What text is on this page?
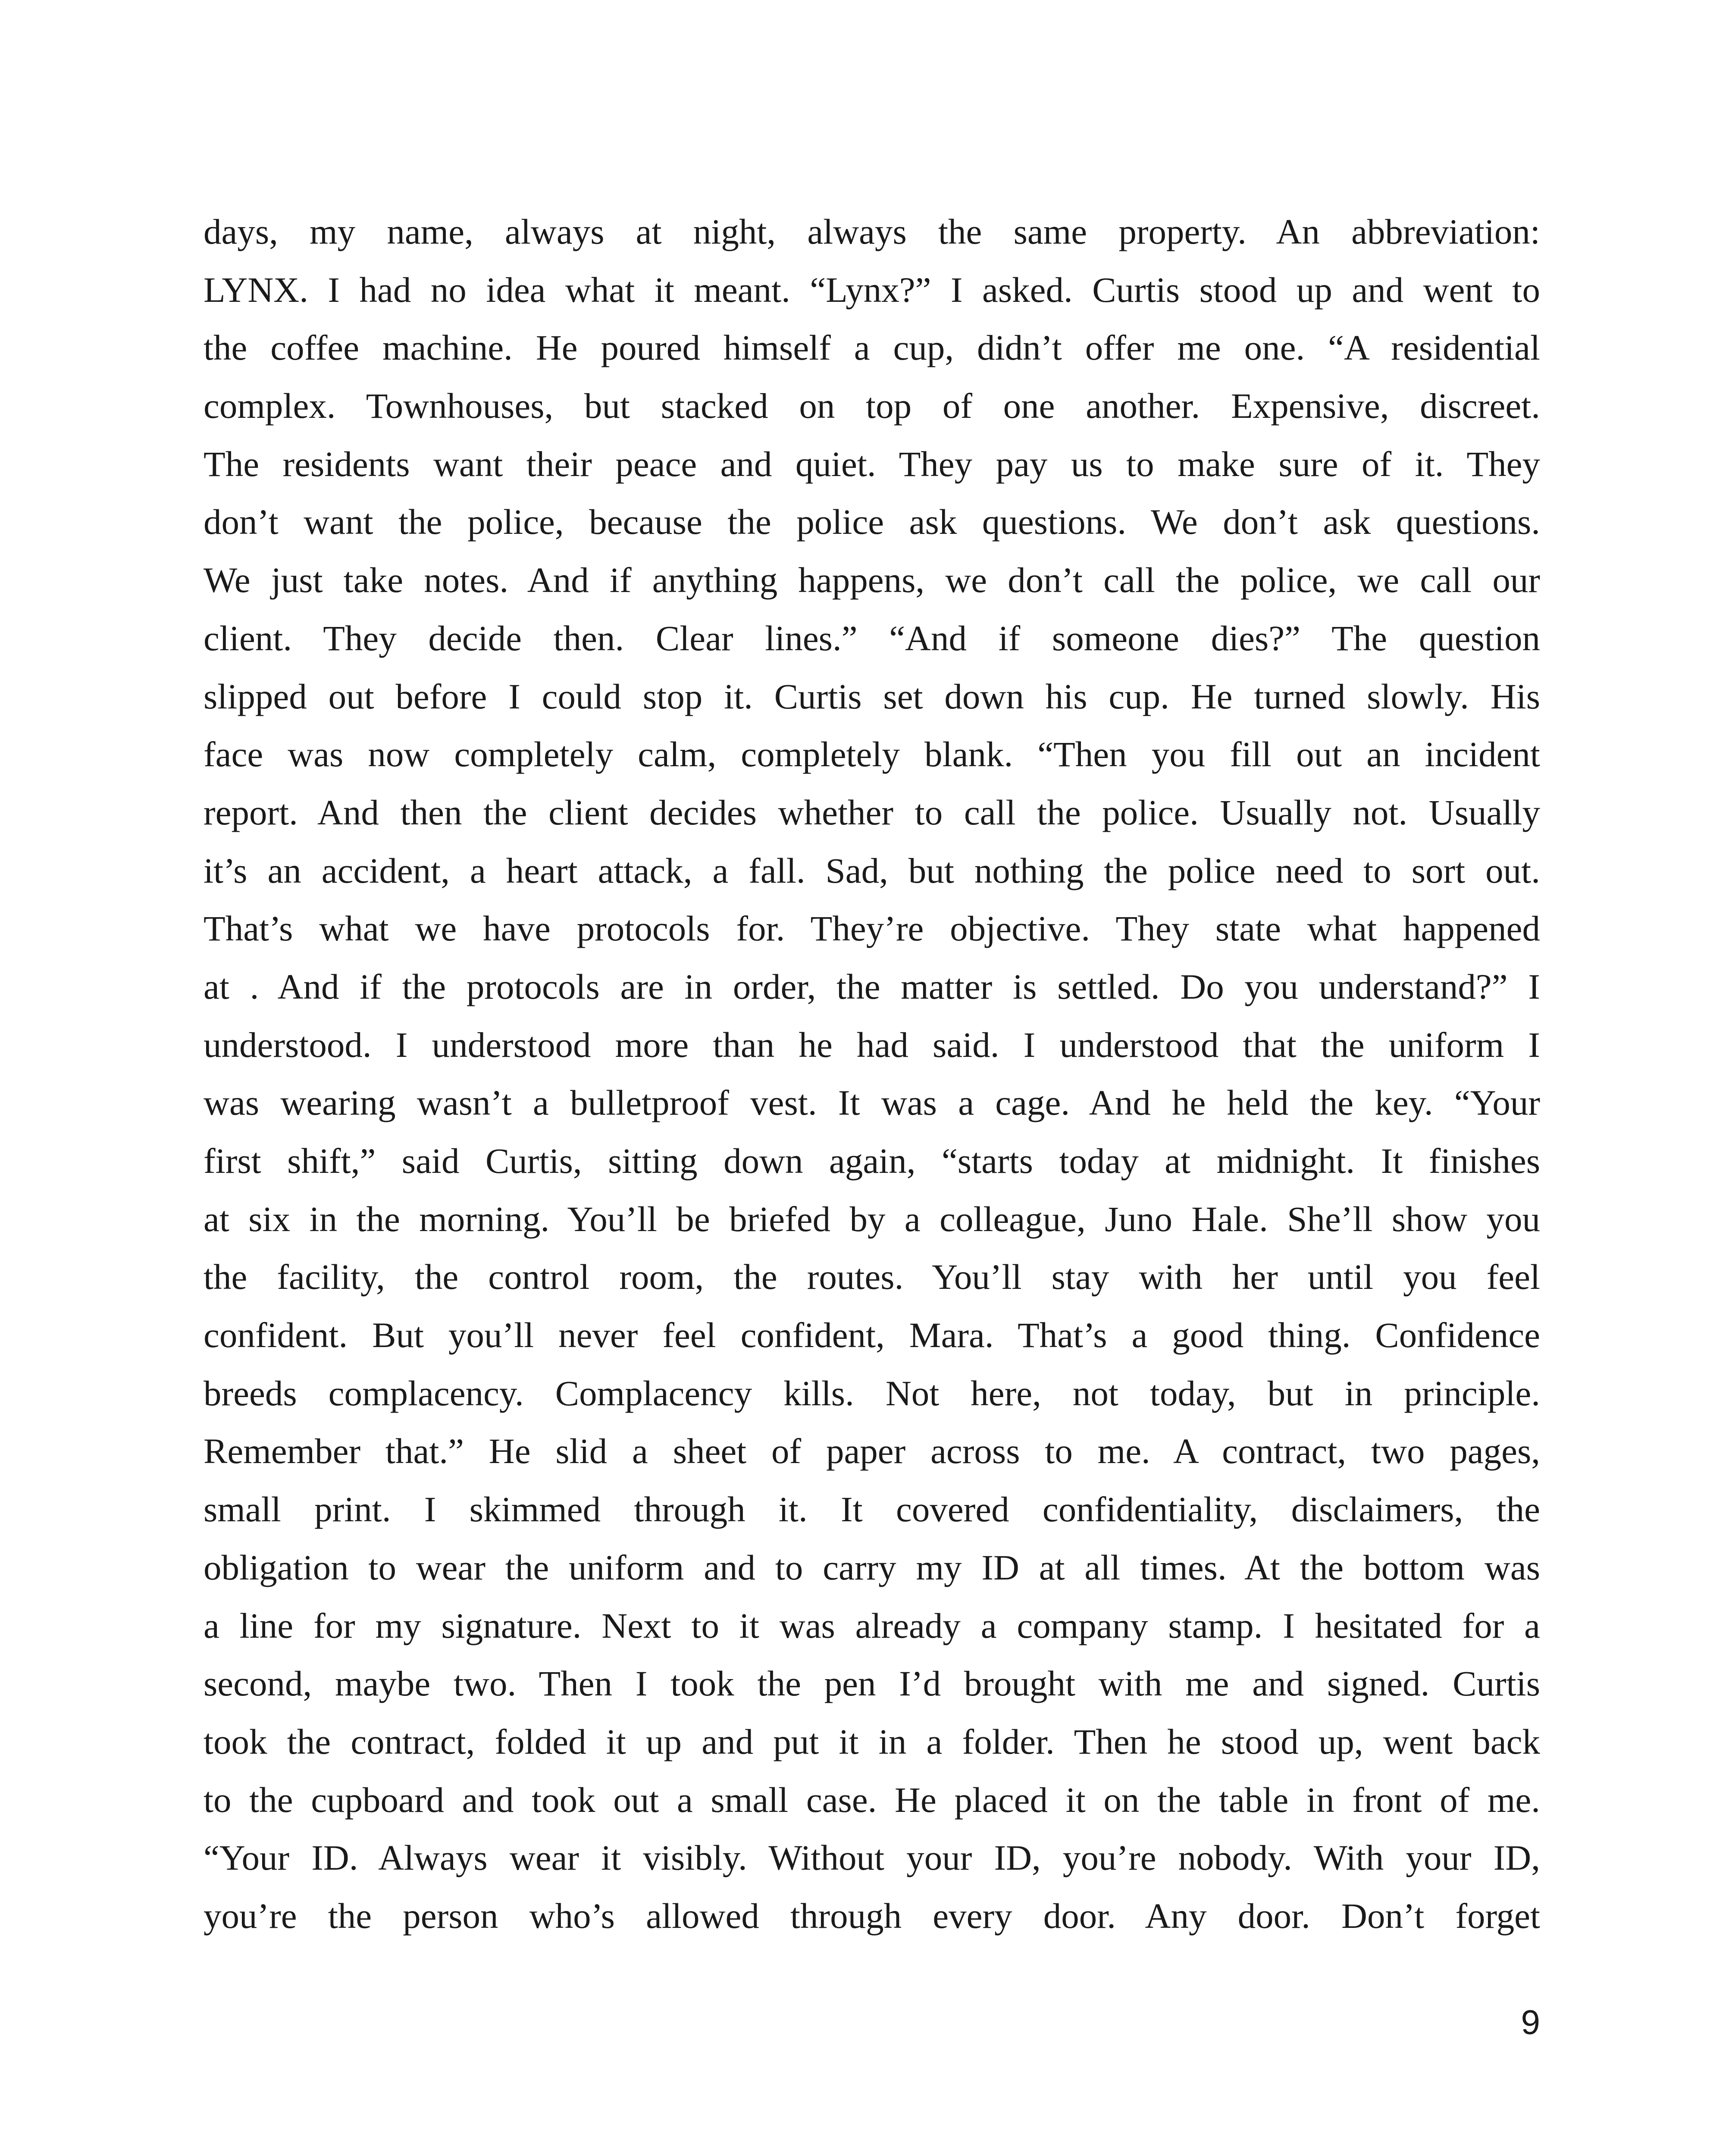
days, my name, always at night, always the same property. An abbreviation:
LYNX. I had no idea what it meant. “Lynx?” I asked. Curtis stood up and went to
the coffee machine. He poured himself a cup, didn’t offer me one. “A residential
complex. Townhouses, but stacked on top of one another. Expensive, discreet.
The residents want their peace and quiet. They pay us to make sure of it. They
don’t want the police, because the police ask questions. We don’t ask questions.
We just take notes. And if anything happens, we don’t call the police, we call our
client. They decide then. Clear lines.” “And if someone dies?” The question
slipped out before I could stop it. Curtis set down his cup. He turned slowly. His
face was now completely calm, completely blank. “Then you fill out an incident
report. And then the client decides whether to call the police. Usually not. Usually
it’s an accident, a heart attack, a fall. Sad, but nothing the police need to sort out.
That’s what we have protocols for. They’re objective. They state what happened
at . And if the protocols are in order, the matter is settled. Do you understand?” I
understood. I understood more than he had said. I understood that the uniform I
was wearing wasn’t a bulletproof vest. It was a cage. And he held the key. “Your
first shift,” said Curtis, sitting down again, “starts today at midnight. It finishes
at six in the morning. You’ll be briefed by a colleague, Juno Hale. She’ll show you
the facility, the control room, the routes. You’ll stay with her until you feel
confident. But you’ll never feel confident, Mara. That’s a good thing. Confidence
breeds complacency. Complacency kills. Not here, not today, but in principle.
Remember that.” He slid a sheet of paper across to me. A contract, two pages,
small print. I skimmed through it. It covered confidentiality, disclaimers, the
obligation to wear the uniform and to carry my ID at all times. At the bottom was
a line for my signature. Next to it was already a company stamp. I hesitated for a
second, maybe two. Then I took the pen I’d brought with me and signed. Curtis
took the contract, folded it up and put it in a folder. Then he stood up, went back
to the cupboard and took out a small case. He placed it on the table in front of me.
“Your ID. Always wear it visibly. Without your ID, you’re nobody. With your ID,
you’re the person who’s allowed through every door. Any door. Don’t forget
9
